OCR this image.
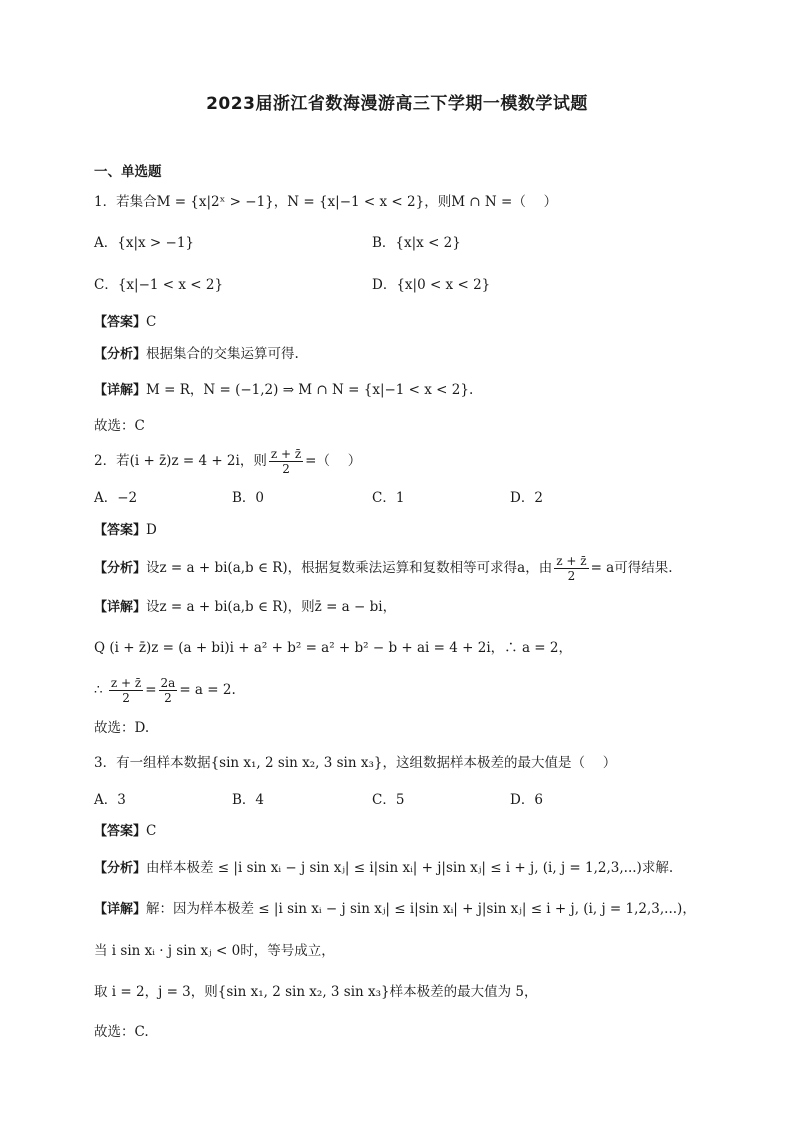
2023届浙江省数海漫游高三下学期一模数学试题
一、单选题
1．若集合M = {x|2ˣ > −1}，N = {x|−1 < x < 2}，则M ∩ N =（　 ）
A．{x|x > −1}	B．{x|x < 2}
C．{x|−1 < x < 2}	D．{x|0 < x < 2}
【答案】C
【分析】根据集合的交集运算可得.
【详解】M = R，N = (−1,2) ⇒ M ∩ N = {x|−1 < x < 2}.
故选：C
2．若(i + z̄)z = 4 + 2i，则 $\frac{z + z̄}{2}$ =（　 ）
A．−2	B．0	C．1	D．2
【答案】D
【分析】设z = a + bi(a,b ∈ R)，根据复数乘法运算和复数相等可求得a，由 $\frac{z + z̄}{2} = a$可得结果.
【详解】设z = a + bi(a,b ∈ R)，则z̄ = a − bi，
Q (i + z̄)z = (a + bi)i + a² + b² = a² + b² − b + ai = 4 + 2i，∴ a = 2，
∴ $\frac{z + z̄}{2} = \frac{2a}{2} = a = 2$.
故选：D.
3．有一组样本数据{sin x₁, 2 sin x₂, 3 sin x₃}，这组数据样本极差的最大值是（　 ）
A．3	B．4	C．5	D．6
【答案】C
【分析】由样本极差 ≤ |i sin xᵢ − j sin xⱼ| ≤ i|sin xᵢ| + j|sin xⱼ| ≤ i + j, (i, j = 1,2,3,...)求解.
【详解】解：因为样本极差 ≤ |i sin xᵢ − j sin xⱼ| ≤ i|sin xᵢ| + j|sin xⱼ| ≤ i + j, (i, j = 1,2,3,...)，
当 i sin xᵢ · j sin xⱼ < 0时，等号成立，
取 i = 2，j = 3，则{sin x₁, 2 sin x₂, 3 sin x₃}样本极差的最大值为 5，
故选：C.
